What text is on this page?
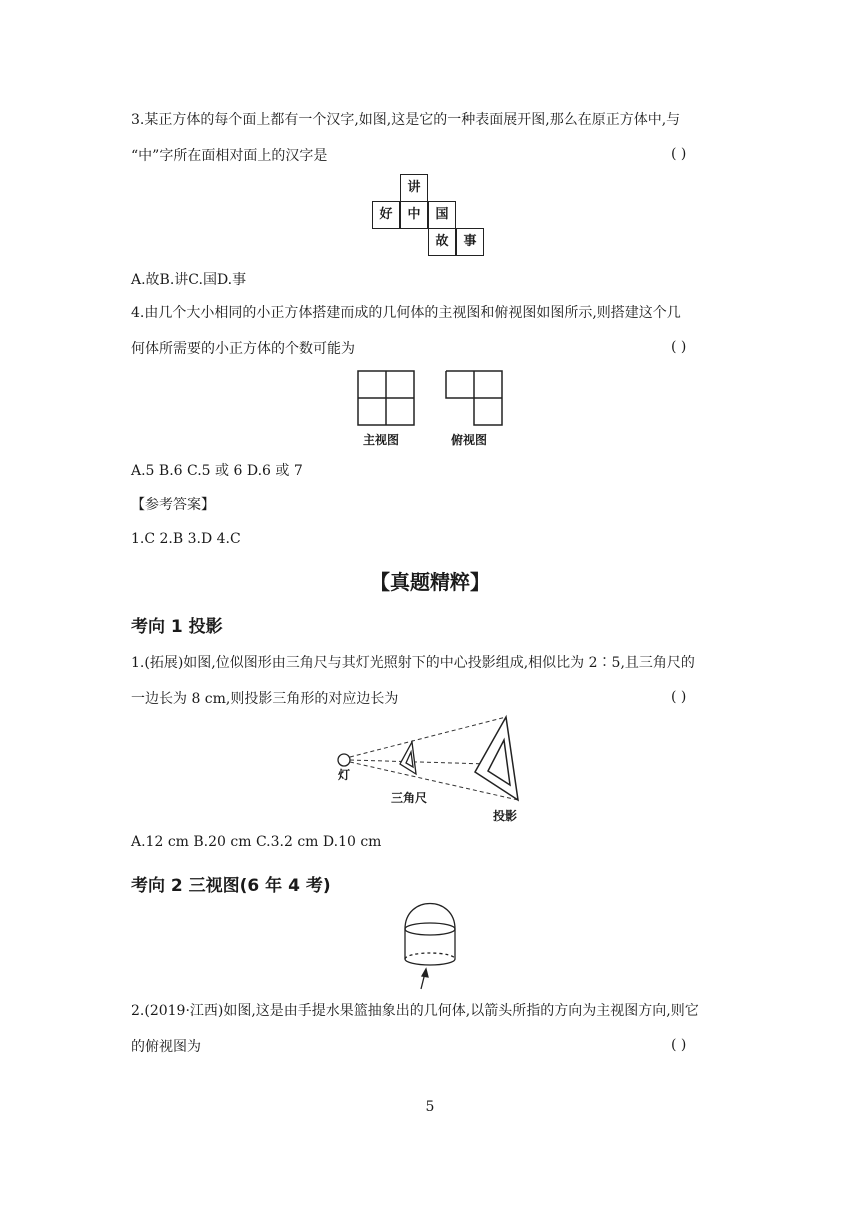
3.某正方体的每个面上都有一个汉字,如图,这是它的一种表面展开图,那么在原正方体中,与
“中”字所在面相对面上的汉字是	( )
讲
好	中	国
故	事
A.故B.讲C.国D.事
4.由几个大小相同的小正方体搭建而成的几何体的主视图和俯视图如图所示,则搭建这个几
何体所需要的小正方体的个数可能为	( )
主视图	俯视图
A.5 B.6 C.5 或 6 D.6 或 7
【参考答案】
1.C 2.B 3.D 4.C
【真题精粹】
考向 1 投影
1.(拓展)如图,位似图形由三角尺与其灯光照射下的中心投影组成,相似比为 2∶5,且三角尺的
一边长为 8 cm,则投影三角形的对应边长为	( )
灯
三角尺
投影
A.12 cm B.20 cm C.3.2 cm D.10 cm
考向 2 三视图(6 年 4 考)
2.(2019·江西)如图,这是由手提水果篮抽象出的几何体,以箭头所指的方向为主视图方向,则它
的俯视图为	( )
5
